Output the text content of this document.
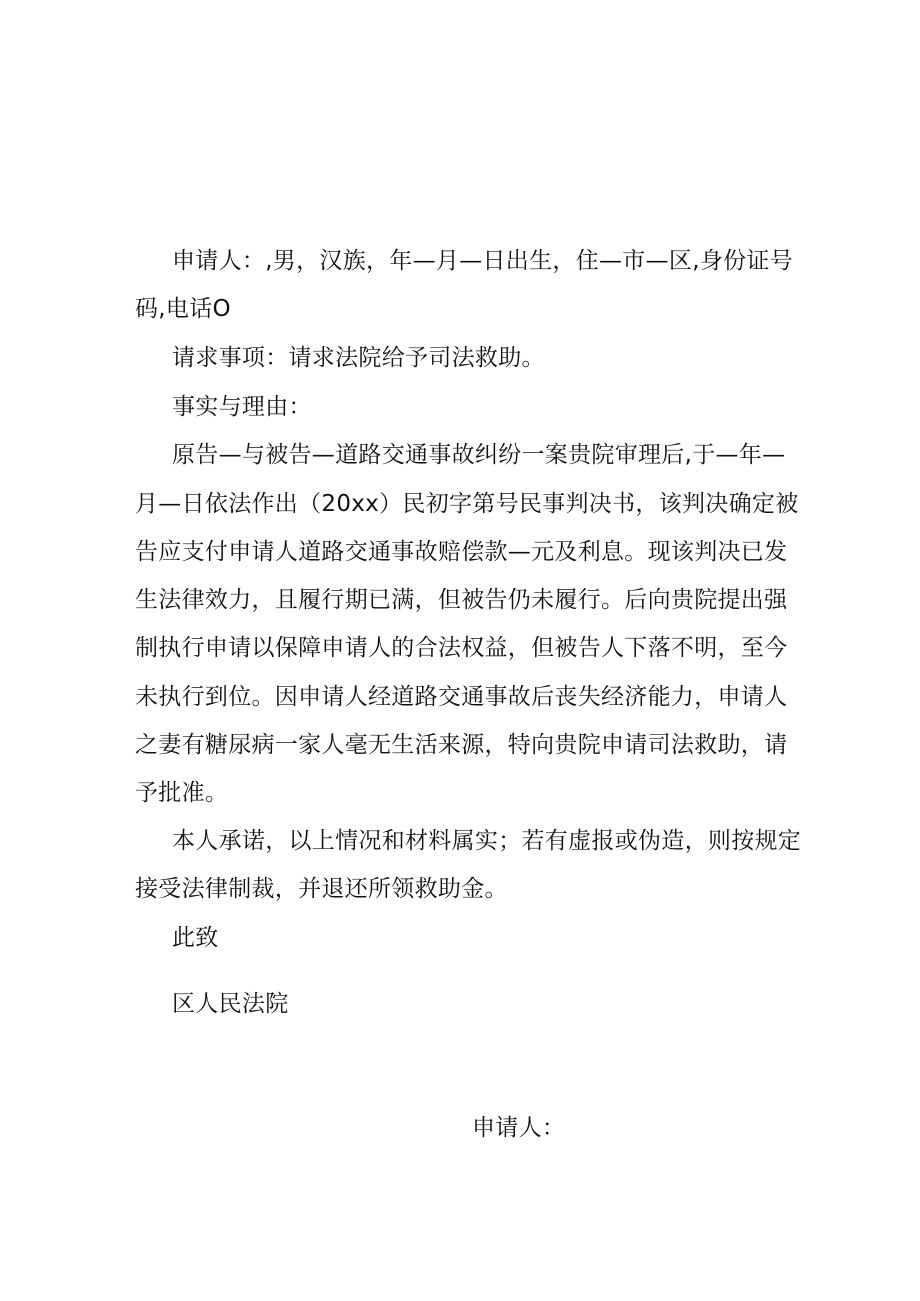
申请人：,男，汉族，年—月—日出生，住—市—区,身份证号
码,电话O
请求事项：请求法院给予司法救助。
事实与理由：
原告—与被告—道路交通事故纠纷一案贵院审理后,于—年—
月—日依法作出（20xx）民初字第号民事判决书，该判决确定被
告应支付申请人道路交通事故赔偿款—元及利息。现该判决已发
生法律效力，且履行期已满，但被告仍未履行。后向贵院提出强
制执行申请以保障申请人的合法权益，但被告人下落不明，至今
未执行到位。因申请人经道路交通事故后丧失经济能力，申请人
之妻有糖尿病一家人毫无生活来源，特向贵院申请司法救助，请
予批准。
本人承诺，以上情况和材料属实；若有虚报或伪造，则按规定
接受法律制裁，并退还所领救助金。
此致
区人民法院
申请人：
